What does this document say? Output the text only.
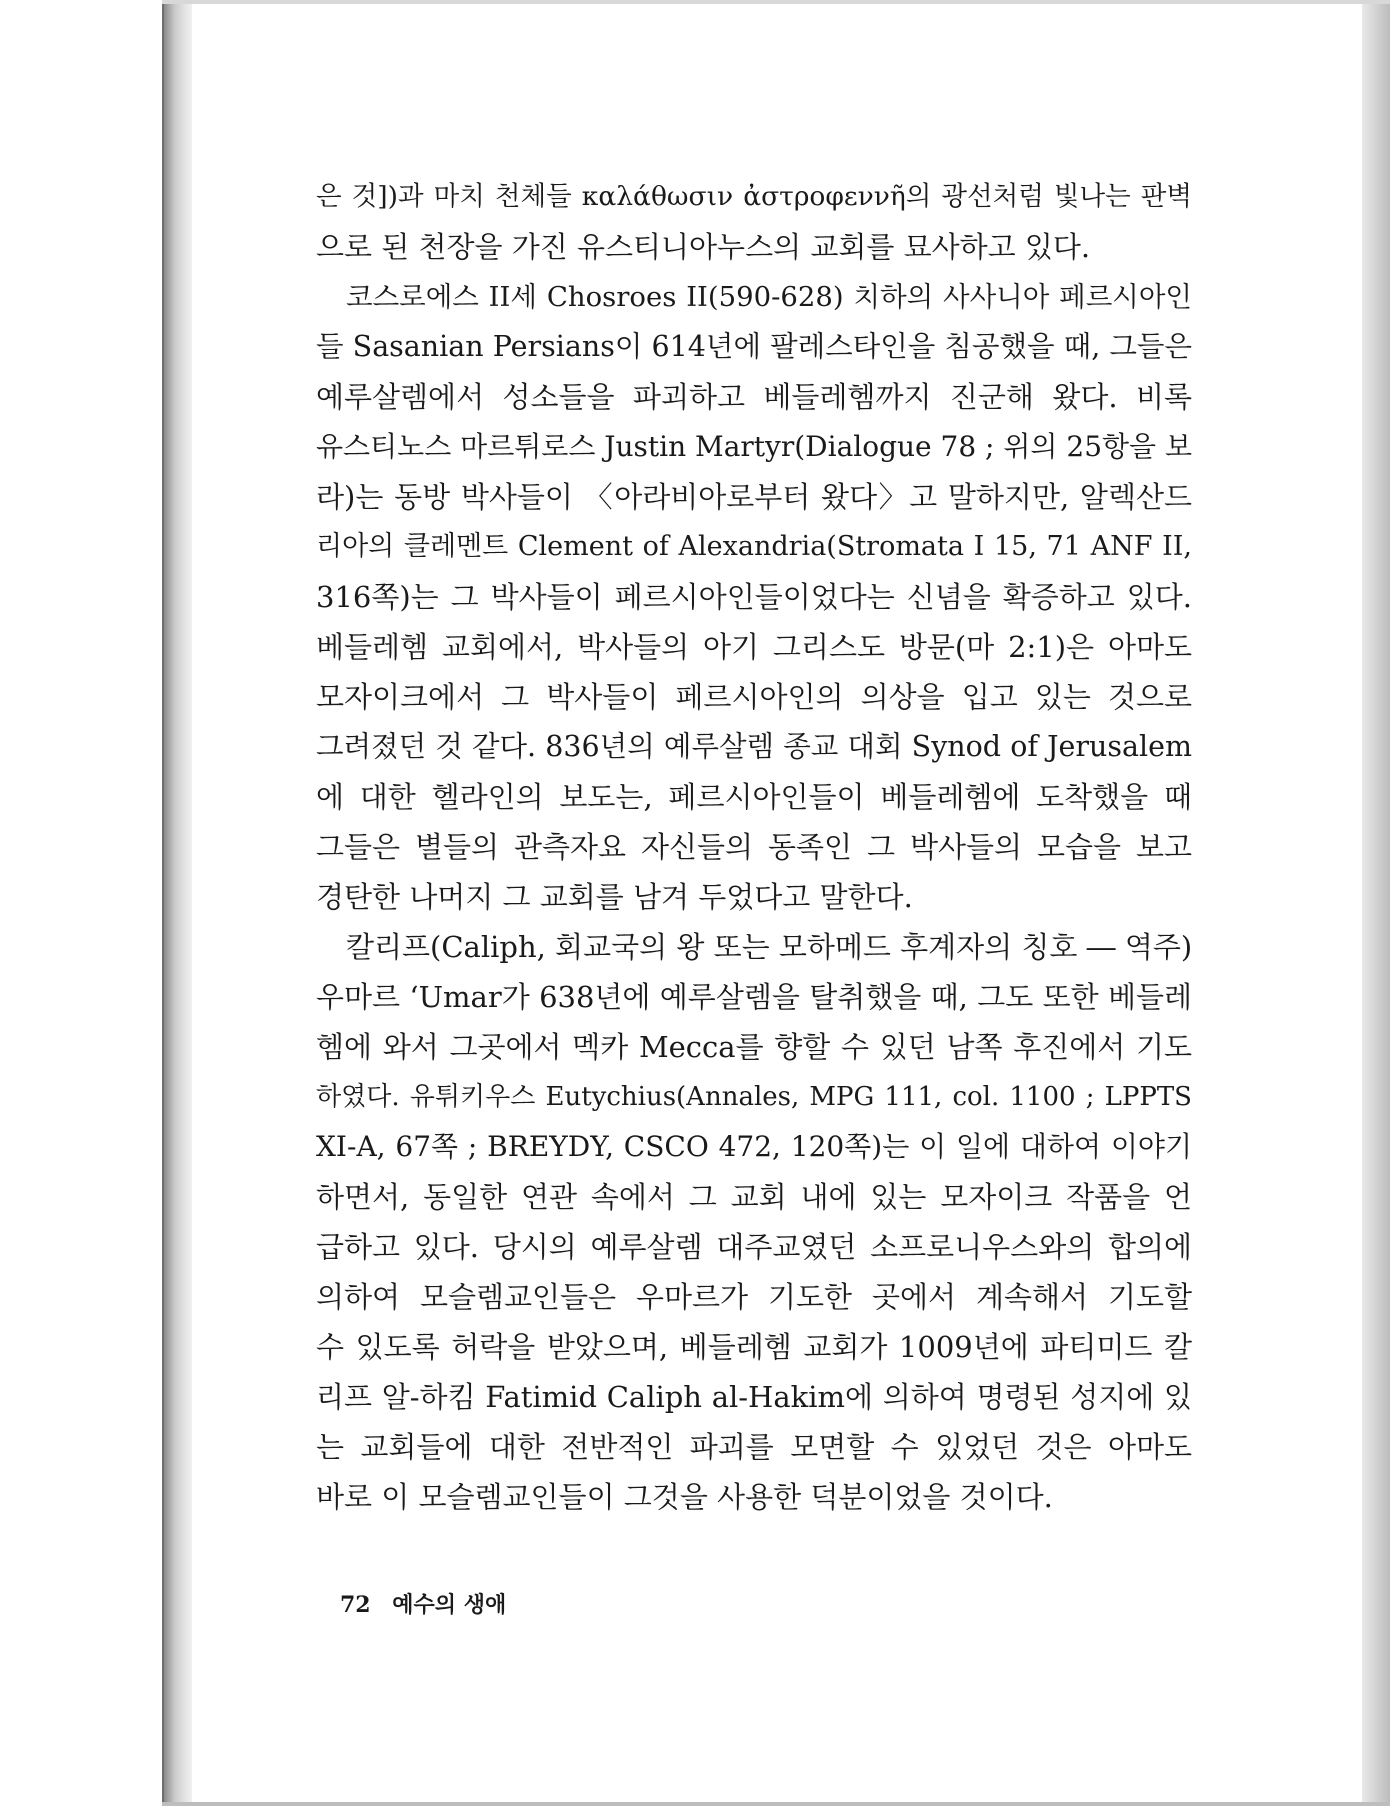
은 것])과 마치 천체들 καλάθωσιν ἀστροφεννῆ의 광선처럼 빛나는 판벽
으로 된 천장을 가진 유스티니아누스의 교회를 묘사하고 있다.
코스로에스 II세 Chosroes II(590-628) 치하의 사사니아 페르시아인
들 Sasanian Persians이 614년에 팔레스타인을 침공했을 때, 그들은
예루살렘에서 성소들을 파괴하고 베들레헴까지 진군해 왔다. 비록
유스티노스 마르튀로스 Justin Martyr(Dialogue 78 ; 위의 25항을 보
라)는 동방 박사들이 〈아라비아로부터 왔다〉고 말하지만, 알렉산드
리아의 클레멘트 Clement of Alexandria(Stromata I 15, 71 ANF II,
316쪽)는 그 박사들이 페르시아인들이었다는 신념을 확증하고 있다.
베들레헴 교회에서, 박사들의 아기 그리스도 방문(마 2:1)은 아마도
모자이크에서 그 박사들이 페르시아인의 의상을 입고 있는 것으로
그려졌던 것 같다. 836년의 예루살렘 종교 대회 Synod of Jerusalem
에 대한 헬라인의 보도는, 페르시아인들이 베들레헴에 도착했을 때
그들은 별들의 관측자요 자신들의 동족인 그 박사들의 모습을 보고
경탄한 나머지 그 교회를 남겨 두었다고 말한다.
칼리프(Caliph, 회교국의 왕 또는 모하메드 후계자의 칭호 ― 역주)
우마르 ‘Umar가 638년에 예루살렘을 탈취했을 때, 그도 또한 베들레
헴에 와서 그곳에서 멕카 Mecca를 향할 수 있던 남쪽 후진에서 기도
하였다. 유튀키우스 Eutychius(Annales, MPG 111, col. 1100 ; LPPTS
XI-A, 67쪽 ; BREYDY, CSCO 472, 120쪽)는 이 일에 대하여 이야기
하면서, 동일한 연관 속에서 그 교회 내에 있는 모자이크 작품을 언
급하고 있다. 당시의 예루살렘 대주교였던 소프로니우스와의 합의에
의하여 모슬렘교인들은 우마르가 기도한 곳에서 계속해서 기도할
수 있도록 허락을 받았으며, 베들레헴 교회가 1009년에 파티미드 칼
리프 알-하킴 Fatimid Caliph al-Hakim에 의하여 명령된 성지에 있
는 교회들에 대한 전반적인 파괴를 모면할 수 있었던 것은 아마도
바로 이 모슬렘교인들이 그것을 사용한 덕분이었을 것이다.
72 예수의 생애
